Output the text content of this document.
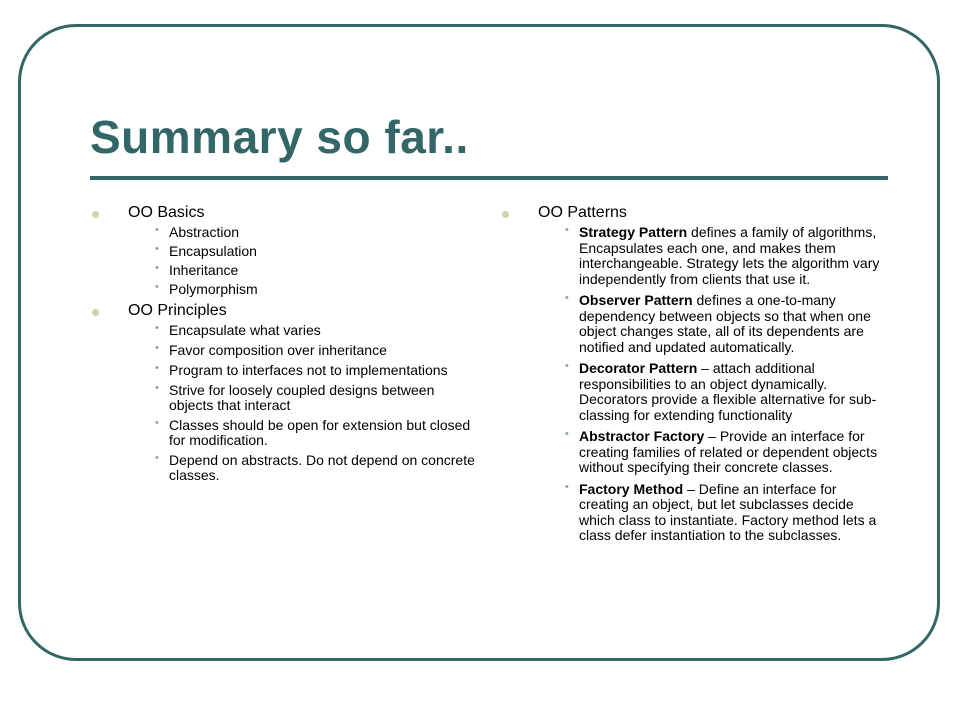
Summary so far..
OO Basics
• Abstraction
• Encapsulation
• Inheritance
• Polymorphism
OO Principles
• Encapsulate what varies
• Favor composition over inheritance
• Program to interfaces not to implementations
• Strive for loosely coupled designs between objects that interact
• Classes should be open for extension but closed for modification.
• Depend on abstracts. Do not depend on concrete classes.
OO Patterns
• Strategy Pattern defines a family of algorithms, Encapsulates each one, and makes them interchangeable. Strategy lets the algorithm vary independently from clients that use it.
• Observer Pattern defines a one-to-many dependency between objects so that when one object changes state, all of its dependents are notified and updated automatically.
• Decorator Pattern – attach additional responsibilities to an object dynamically. Decorators provide a flexible alternative for sub-classing for extending functionality
• Abstractor Factory – Provide an interface for creating families of related or dependent objects without specifying their concrete classes.
• Factory Method – Define an interface for creating an object, but let subclasses decide which class to instantiate. Factory method lets a class defer instantiation to the subclasses.
